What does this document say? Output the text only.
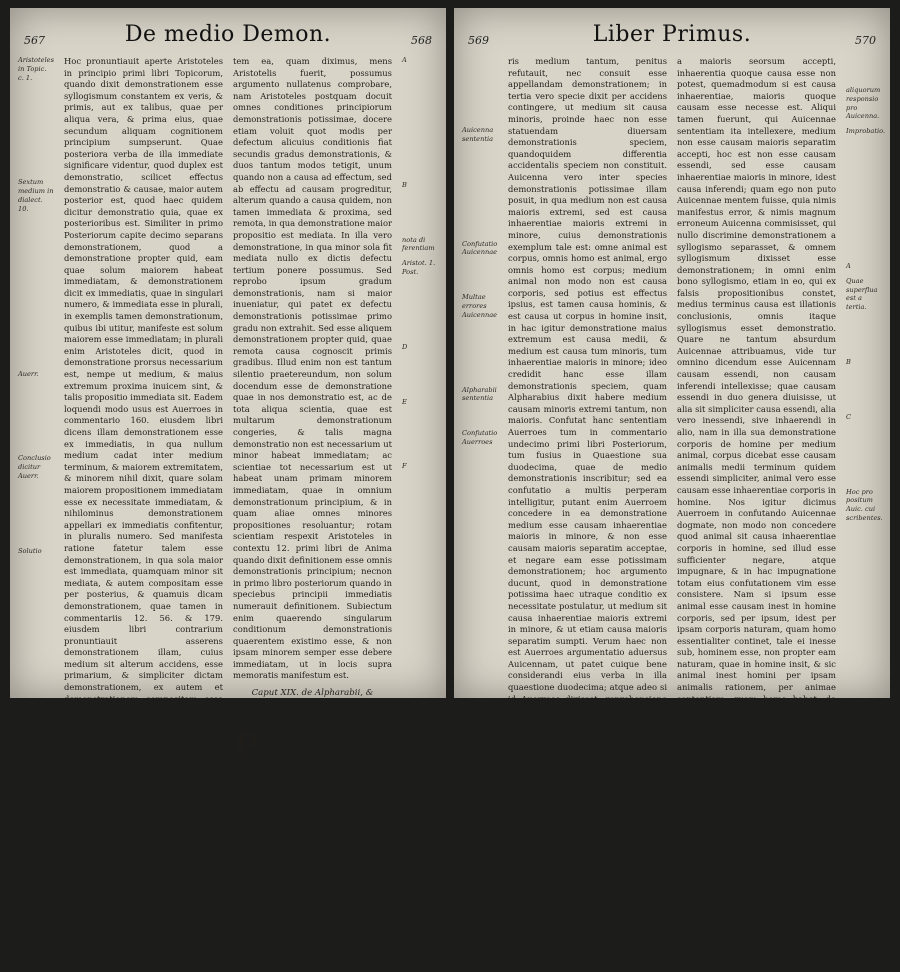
De medio Demon.
567	568
Aristoteles in Topic. c. 1.
Sextum medium in dialect. 10.
Auerr.
Conclusio dicitur Auerr.
Solutio

Hoc pronuntiauit aperte Aristoteles in principio primi libri Topicorum, quando dixit demonstrationem esse syllogismum constantem ex veris, & primis, aut ex talibus, quae per aliqua vera, & prima eius, quae secundum aliquam cognitionem principium sumpserunt. Quae posteriora verba de illa immediate significare videntur, quod duplex est demonstratio, scilicet effectus demonstratio & causae, maior autem posterior est, quod haec quidem dicitur demonstratio quia, quae ex posterioribus est. Similiter in primo Posteriorum capite decimo separans demonstrationem, quod a demonstratione propter quid, eam quae solum maiorem habeat immediatam, & demonstrationem dicit ex immediatis, quae in singulari numero, & immediata esse in plurali, in exemplis tamen demonstrationum, quibus ibi utitur, manifeste est solum maiorem esse immediatam; in plurali enim Aristoteles dicit, quod in demonstratione prorsus necessarium est, nempe ut medium, & maius extremum proxima inuicem sint, & talis propositio immediata sit. Eadem loquendi modo usus est Auerroes in commentario 160. eiusdem libri dicens illam demonstrationem esse ex immediatis, in qua nullum medium cadat inter medium terminum, & maiorem extremitatem, & minorem nihil dixit, quare solam maiorem propositionem immediatam esse ex necessitate immediatam, & nihilominus demonstrationem appellari ex immediatis confitentur, in pluralis numero. Sed manifesta ratione fatetur talem esse demonstrationem, in qua sola maior est immediata, quamquam minor sit mediata, & autem compositam esse per posterius, & quamuis dicam demonstrationem, quae tamen in commentariis 12. 56. & 179. eiusdem libri contrarium pronuntiauit asserens demonstrationem illam, cuius medium sit alterum accidens, esse primarium, & simpliciter dictam demonstrationem, ex autem et demonstrationem compositam esse per posterius, & quaedam.

tem ea, quam diximus, mens Aristotelis fuerit, possumus argumento nullatenus comprobare, nam Aristoteles postquam docuit omnes conditiones principiorum demonstrationis potissimae, docere etiam voluit quot modis per defectum alicuius conditionis fiat secundis gradus demonstrationis, & duos tantum modos tetigit, unum quando non a causa ad effectum, sed ab effectu ad causam progreditur, alterum quando a causa quidem, non tamen immediata & proxima, sed remota, in qua demonstratione maior propositio est mediata. In illa vero demonstratione, in qua minor sola fit mediata nullo ex dictis defectu tertium ponere possumus. Sed reprobo ipsum gradum demonstrationis, nam si maior inueniatur, qui patet ex defectu demonstrationis potissimae primo gradu non extrahit. Sed esse aliquem demonstrationem propter quid, quae remota causa cognoscit primis gradibus. Illud enim non est tantum silentio praetereundum, non solum docendum esse de demonstratione quae in nos demonstratio est, ac de tota aliqua scientia, quae est multarum demonstrationum congeries, & talis magna demonstratio non est necessarium ut minor habeat immediatam; ac scientiae tot necessarium est ut habeat unam primam minorem immediatam, quae in omnium demonstrationum principium, & in quam aliae omnes minores propositiones resoluantur; rotam scientiam respexit Aristoteles in contextu 12. primi libri de Anima quando dixit definitionem esse omnis demonstrationis principium; necnon in primo libro posteriorum quando in speciebus principii immediatis numerauit definitionem. Subiectum enim quaerendo singularum conditionum demonstrationis quaerentem existimo esse, & non ipsam minorem semper esse debere immediatam, ut in locis supra memoratis manifestum est.

Caput XIX. de Alpharabii, & Auicennae sententiis, & ipsarum confutatione.

P Propterea reiicit Auerroes sententiam Alpharabii, & sententiam Auicennae, nam Alpharabius dixit tres esse species demonstrationis potissimae, unam, in qua medium est causa maioris extremi tantum; aliam, in qua minoris tantum, & aliam, in qua utriusque. Auerroes autem ab Aristotele dogmate non recedens eam solam conditionem ut potissimae demonstrationi necessariam recepit, quod medium sit causa maioris extremi, et. ut sicut illam, in qua medium non est causa maioris, sed mino-

A
B
nota di ferentiam
Aristot. 1. Post.
D
E
F
Liber Primus.
569	570
Auicenna sententia
Confutatio Auicennae
Multae errores Auicennae
Alpharabii sententia
Confutatio Auerroes

ris medium tantum, penitus refutauit, nec consuit esse appellandam demonstrationem; in tertia vero specie dixit per accidens contingere, ut medium sit causa minoris, proinde haec non esse statuendam diuersam demonstrationis speciem, quandoquidem differentia accidentalis speciem non constituit. Auicenna vero inter species demonstrationis potissimae illam posuit, in qua medium non est causa maioris extremi, sed est causa inhaerentiae maioris extremi in minore, cuius demonstrationis exemplum tale est: omne animal est corpus, omnis homo est animal, ergo omnis homo est corpus; medium animal non modo non est causa corporis, sed potius est effectus ipsius, est tamen causa hominis, & est causa ut corpus in homine insit, in hac igitur demonstratione maius extremum est causa medii, & medium est causa tum minoris, tum inhaerentiae maioris in minore; ideo credidit hanc esse illam demonstrationis speciem, quam Alpharabius dixit habere medium causam minoris extremi tantum, non maioris. Confutat hanc sententiam Auerroes tum in commentario undecimo primi libri Posteriorum, tum fusius in Quaestione sua duodecima, quae de medio demonstrationis inscribitur; sed ea confutatio a multis perperam intelligitur, putant enim Auerroem concedere in ea demonstratione medium esse causam inhaerentiae maioris in minore, & non esse causam maioris separatim acceptae, et negare eam esse potissimam demonstrationem; hoc argumento ducunt, quod in demonstratione potissima haec utraque conditio ex necessitate postulatur, ut medium sit causa inhaerentiae maioris extremi in minore, & ut etiam causa maioris separatim sumpti. Verum haec non est Auerroes argumentatio aduersus Auicennam, ut patet cuique bene considerandi eius verba in illa quaestione duodecima; atque adeo si id Auerroes dixisset, reprehensione dignus fuisset, sicut illi reprehendendi sunt, qui eo argumento contra Auicennam utuntur, non enim esse duas conditiones demonstrationis sed unam tantum. Nam ut medium sit causa maioris extremi, alteram ut sit causa inhaerentiae maioris in minore, proptera quod haec non duae conditiones sunt, sed una, quia accidentis esse inest quod sit causa eius, et si enim ipsa non est causa alicuius rei, sed ea solum existentia causae in eo sunt, ita in aliis omnibus rebus, quae sicut in esse inest, quod sit causa eius; quod etiam in accidentibus, quod sit causa eius existentiae, quod est quod principia utriusque etc. Nullo igitur pacto illud Auicennae dictum admittere debemus, quod medium sit causa minoris, sit tamen causa ut maius insit in minore.

a maioris seorsum accepti, inhaerentia quoque causa esse non potest, quemadmodum si est causa inhaerentiae, maioris quoque causam esse necesse est. Aliqui tamen fuerunt, qui Auicennae sententiam ita intellexere, medium non esse causam maioris separatim accepti, hoc est non esse causam essendi, sed esse causam inhaerentiae maioris in minore, idest causa inferendi; quam ego non puto Auicennae mentem fuisse, quia nimis manifestus error, & nimis magnum erroneum Auicenna commisisset, qui nullo discrimine demonstrationem a syllogismo separasset, & omnem syllogismum dixisset esse demonstrationem; in omni enim bono syllogismo, etiam in eo, qui ex falsis propositionibus constet, medius terminus causa est illationis conclusionis, omnis itaque syllogismus esset demonstratio. Quare ne tantum absurdum Auicennae attribuamus, vide tur omnino dicendum esse Auicennam causam essendi, non causam inferendi intellexisse; quae causam essendi in duo genera diuisisse, ut alia sit simpliciter causa essendi, alia vero inessendi, sive inhaerendi in alio, nam in illa sua demonstratione corporis de homine per medium animal, corpus dicebat esse causam animalis medii terminum quidem essendi simpliciter, animal vero esse causam esse inhaerentiae corporis in homine. Nos igitur dicimus Auerroem in confutando Auicennae dogmate, non modo non concedere quod animal sit causa inhaerentiae corporis in homine, sed illud esse sufficienter negare, atque impugnare, & in hac impugnatione totam eius confutationem vim esse consistere. Nam si ipsum esse animal esse causam inest in homine corporis, sed per ipsum, idest per ipsam corporis naturam, quam homo essentialiter continet, tale ei inesse sub, hominem esse, non propter eam naturam, quae in homine insit, & sic animal inest homini per ipsam animalis rationem, per animae sententiam, quam homo habet, de quo in commentario 95. primi libri posteriorum. Sed igitur omnes propositiones sunt immediatae, & indemonstrabiles, homo est corpus, homo est animal, & homo est animal, & omne corpus est animal; sicut ergo probatio homo est corpus, per aliquod medium demonstrari potest, non est per medium ut animal, sed animal per ipsam naturam & principia, ut in altrice anima consi-

aliquorum responsio pro Auicenna.
Improbatio.
A
Quae superflua est a tertia.
B
C
Hoc pro positum Auic. cui scribentes.
